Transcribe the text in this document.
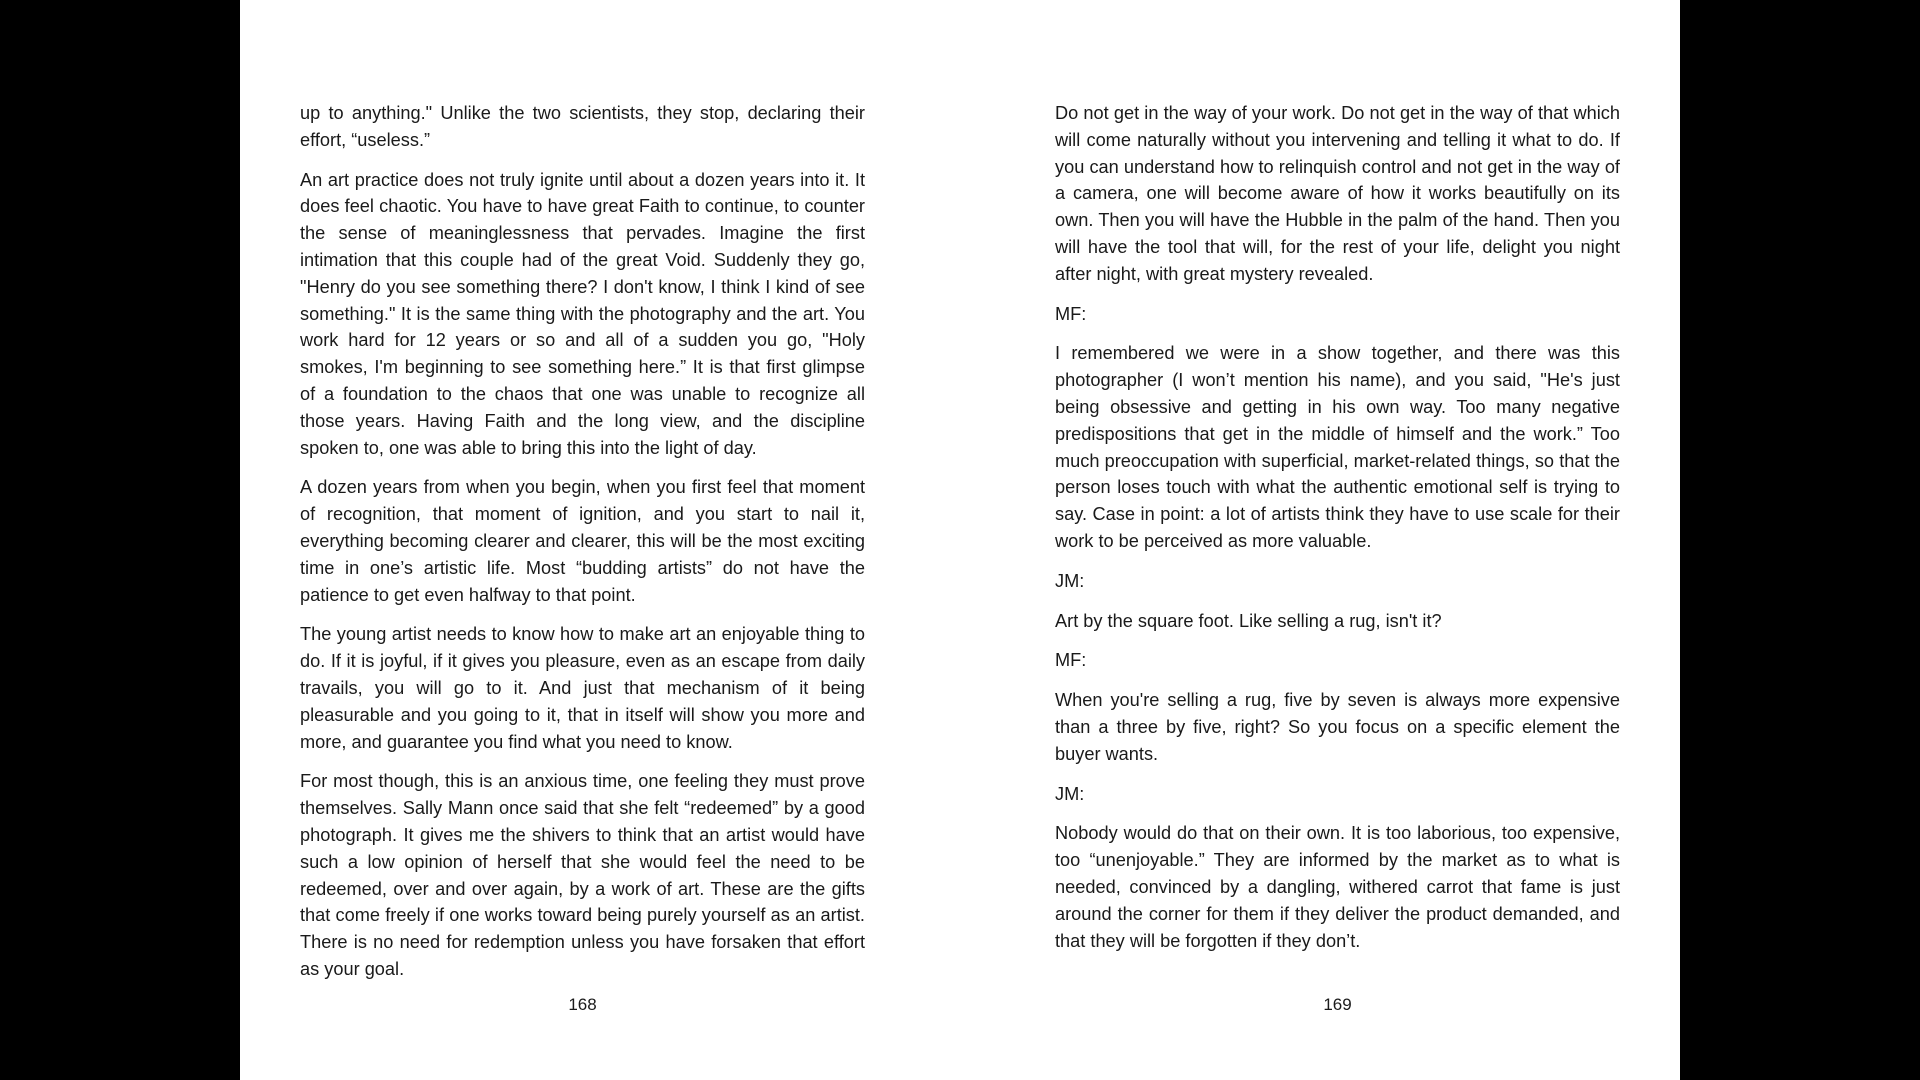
up to anything." Unlike the two scientists, they stop, declaring their effort, “useless.”

An art practice does not truly ignite until about a dozen years into it. It does feel chaotic. You have to have great Faith to continue, to counter the sense of meaninglessness that pervades. Imagine the first intimation that this couple had of the great Void. Suddenly they go, "Henry do you see something there? I don't know, I think I kind of see something." It is the same thing with the photography and the art. You work hard for 12 years or so and all of a sudden you go, "Holy smokes, I'm beginning to see something here.” It is that first glimpse of a foundation to the chaos that one was unable to recognize all those years. Having Faith and the long view, and the discipline spoken to, one was able to bring this into the light of day.

A dozen years from when you begin, when you first feel that moment of recognition, that moment of ignition, and you start to nail it, everything becoming clearer and clearer, this will be the most exciting time in one’s artistic life. Most “budding artists” do not have the patience to get even halfway to that point.

The young artist needs to know how to make art an enjoyable thing to do. If it is joyful, if it gives you pleasure, even as an escape from daily travails, you will go to it. And just that mechanism of it being pleasurable and you going to it, that in itself will show you more and more, and guarantee you find what you need to know.

For most though, this is an anxious time, one feeling they must prove themselves. Sally Mann once said that she felt “redeemed” by a good photograph. It gives me the shivers to think that an artist would have such a low opinion of herself that she would feel the need to be redeemed, over and over again, by a work of art. These are the gifts that come freely if one works toward being purely yourself as an artist. There is no need for redemption unless you have forsaken that effort as your goal.

168

Do not get in the way of your work. Do not get in the way of that which will come naturally without you intervening and telling it what to do. If you can understand how to relinquish control and not get in the way of a camera, one will become aware of how it works beautifully on its own. Then you will have the Hubble in the palm of the hand. Then you will have the tool that will, for the rest of your life, delight you night after night, with great mystery revealed.

MF:

I remembered we were in a show together, and there was this photographer (I won’t mention his name), and you said, "He's just being obsessive and getting in his own way. Too many negative predispositions that get in the middle of himself and the work.” Too much preoccupation with superficial, market-related things, so that the person loses touch with what the authentic emotional self is trying to say. Case in point: a lot of artists think they have to use scale for their work to be perceived as more valuable.

JM:

Art by the square foot. Like selling a rug, isn't it?

MF:

When you're selling a rug, five by seven is always more expensive than a three by five, right? So you focus on a specific element the buyer wants.

JM:

Nobody would do that on their own. It is too laborious, too expensive, too “unenjoyable.” They are informed by the market as to what is needed, convinced by a dangling, withered carrot that fame is just around the corner for them if they deliver the product demanded, and that they will be forgotten if they don’t.

169
